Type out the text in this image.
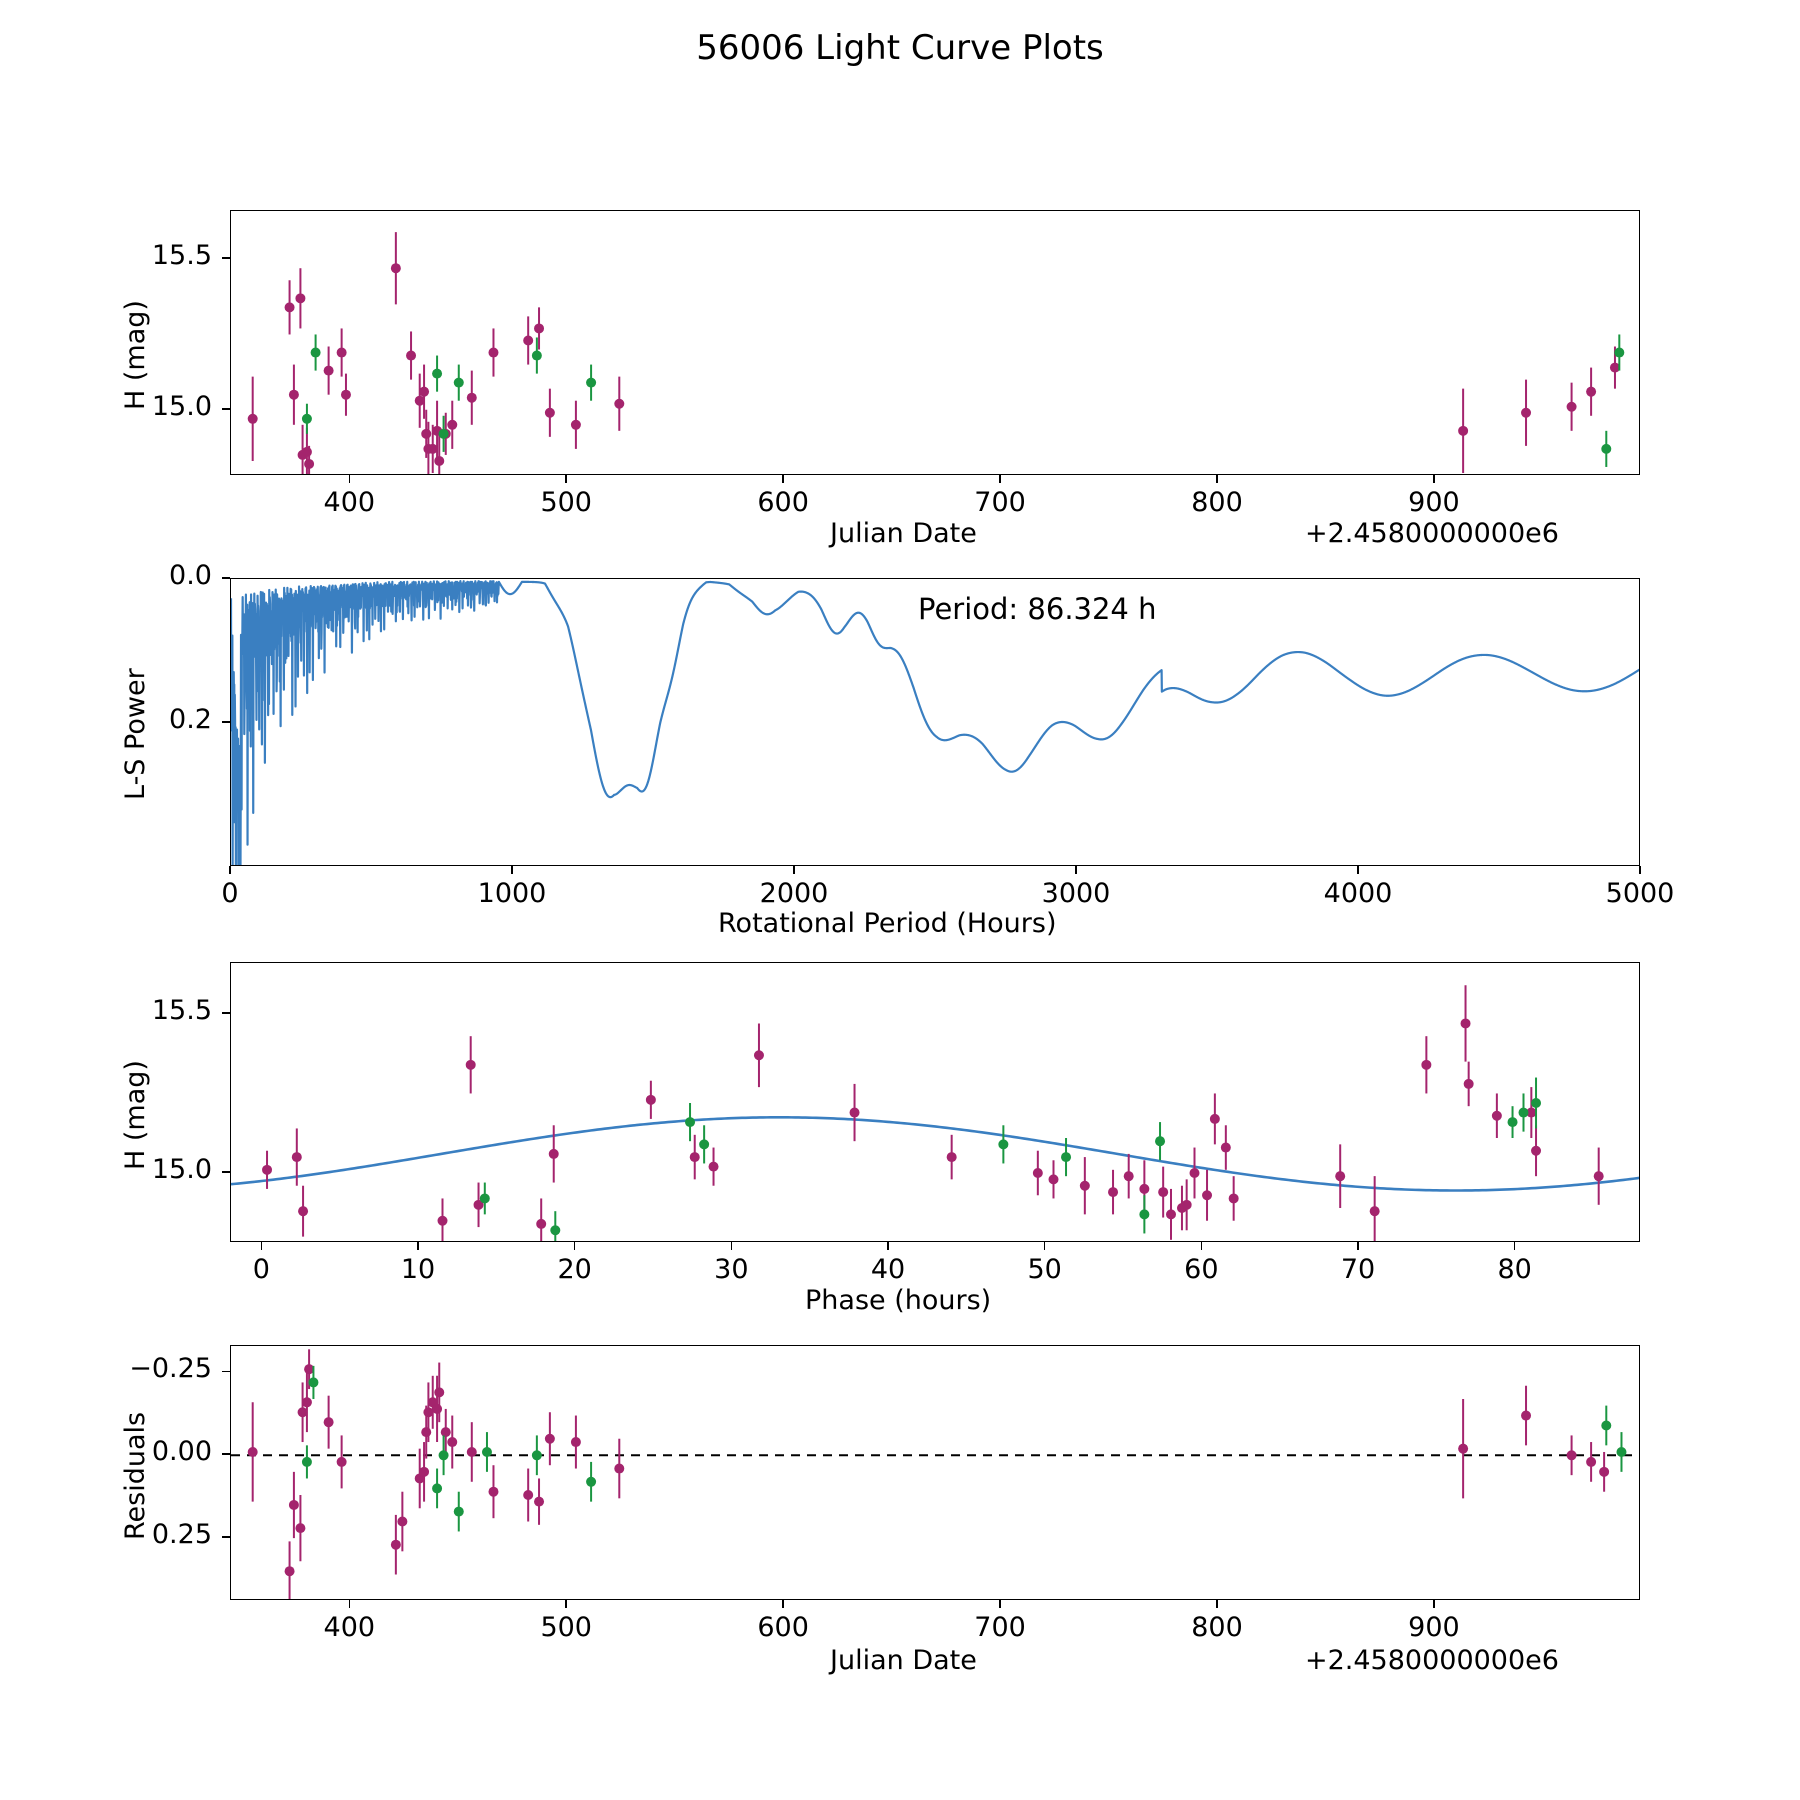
56006 Light Curve Plots
H (mag)
Julian Date	+2.4580000000e6
L-S Power
Rotational Period (Hours)
Period: 86.324 h
H (mag)
Phase (hours)
Residuals
Julian Date	+2.4580000000e6
400	500	600	700	800	900
15.5
15.0
0	1000	2000	3000	4000	5000
0.0
0.2
0	10	20	30	40	50	60	70	80
15.5
15.0
400	500	600	700	800	900
0.25
0.00
−0.25
